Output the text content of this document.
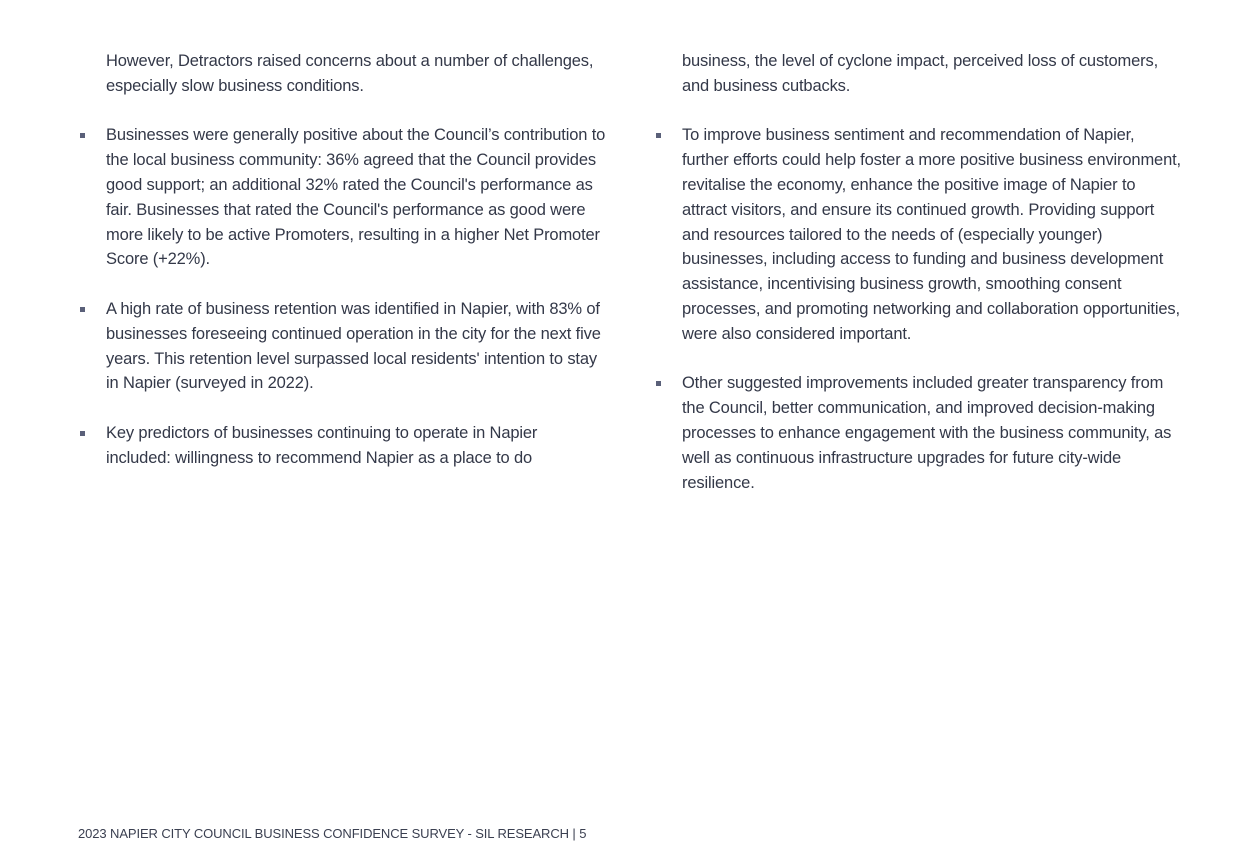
However, Detractors raised concerns about a number of challenges, especially slow business conditions.

Businesses were generally positive about the Council’s contribution to the local business community: 36% agreed that the Council provides good support; an additional 32% rated the Council's performance as fair. Businesses that rated the Council's performance as good were more likely to be active Promoters, resulting in a higher Net Promoter Score (+22%).

A high rate of business retention was identified in Napier, with 83% of businesses foreseeing continued operation in the city for the next five years. This retention level surpassed local residents' intention to stay in Napier (surveyed in 2022).

Key predictors of businesses continuing to operate in Napier included: willingness to recommend Napier as a place to do

business, the level of cyclone impact, perceived loss of customers, and business cutbacks.

To improve business sentiment and recommendation of Napier, further efforts could help foster a more positive business environment, revitalise the economy, enhance the positive image of Napier to attract visitors, and ensure its continued growth. Providing support and resources tailored to the needs of (especially younger) businesses, including access to funding and business development assistance, incentivising business growth, smoothing consent processes, and promoting networking and collaboration opportunities, were also considered important.

Other suggested improvements included greater transparency from the Council, better communication, and improved decision-making processes to enhance engagement with the business community, as well as continuous infrastructure upgrades for future city-wide resilience.

2023 NAPIER CITY COUNCIL BUSINESS CONFIDENCE SURVEY - SIL RESEARCH | 5
